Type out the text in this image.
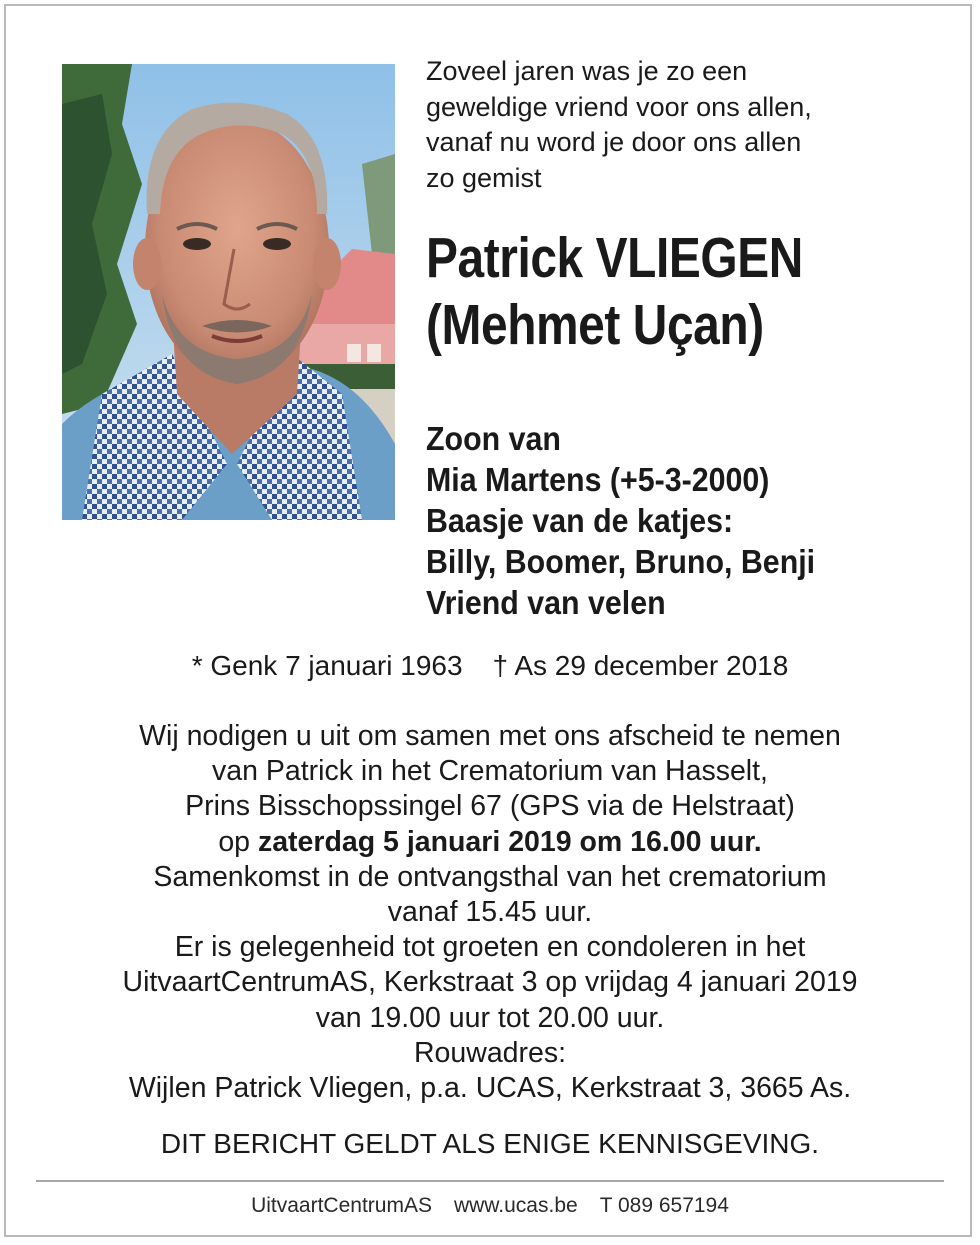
Zoveel jaren was je zo een
geweldige vriend voor ons allen,
vanaf nu word je door ons allen
zo gemist
Patrick VLIEGEN
(Mehmet Uçan)
Zoon van
Mia Martens (+5-3-2000)
Baasje van de katjes:
Billy, Boomer, Bruno, Benji
Vriend van velen
* Genk 7 januari 1963 † As 29 december 2018
Wij nodigen u uit om samen met ons afscheid te nemen
van Patrick in het Crematorium van Hasselt,
Prins Bisschopssingel 67 (GPS via de Helstraat)
op zaterdag 5 januari 2019 om 16.00 uur.
Samenkomst in de ontvangsthal van het crematorium
vanaf 15.45 uur.
Er is gelegenheid tot groeten en condoleren in het
UitvaartCentrumAS, Kerkstraat 3 op vrijdag 4 januari 2019
van 19.00 uur tot 20.00 uur.
Rouwadres:
Wijlen Patrick Vliegen, p.a. UCAS, Kerkstraat 3, 3665 As.
DIT BERICHT GELDT ALS ENIGE KENNISGEVING.
UitvaartCentrumAS www.ucas.be T 089 657194
